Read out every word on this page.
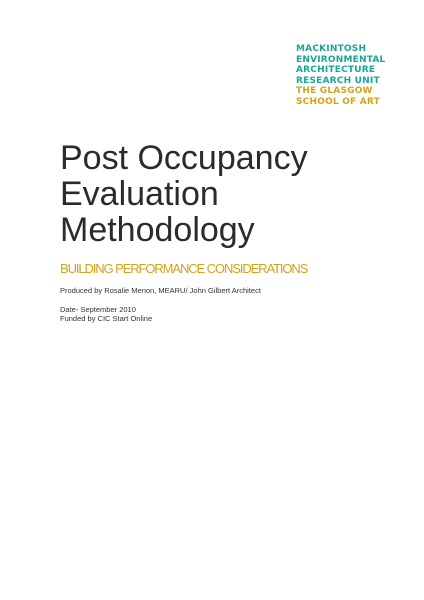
MACKINTOSH
ENVIRONMENTAL
ARCHITECTURE
RESEARCH UNIT
THE GLASGOW
SCHOOL OF ART
Post Occupancy
Evaluation
Methodology
BUILDING PERFORMANCE CONSIDERATIONS
Produced by Rosalie Menon, MEARU/ John Gilbert Architect
Date- September 2010
Funded by CIC Start Online
